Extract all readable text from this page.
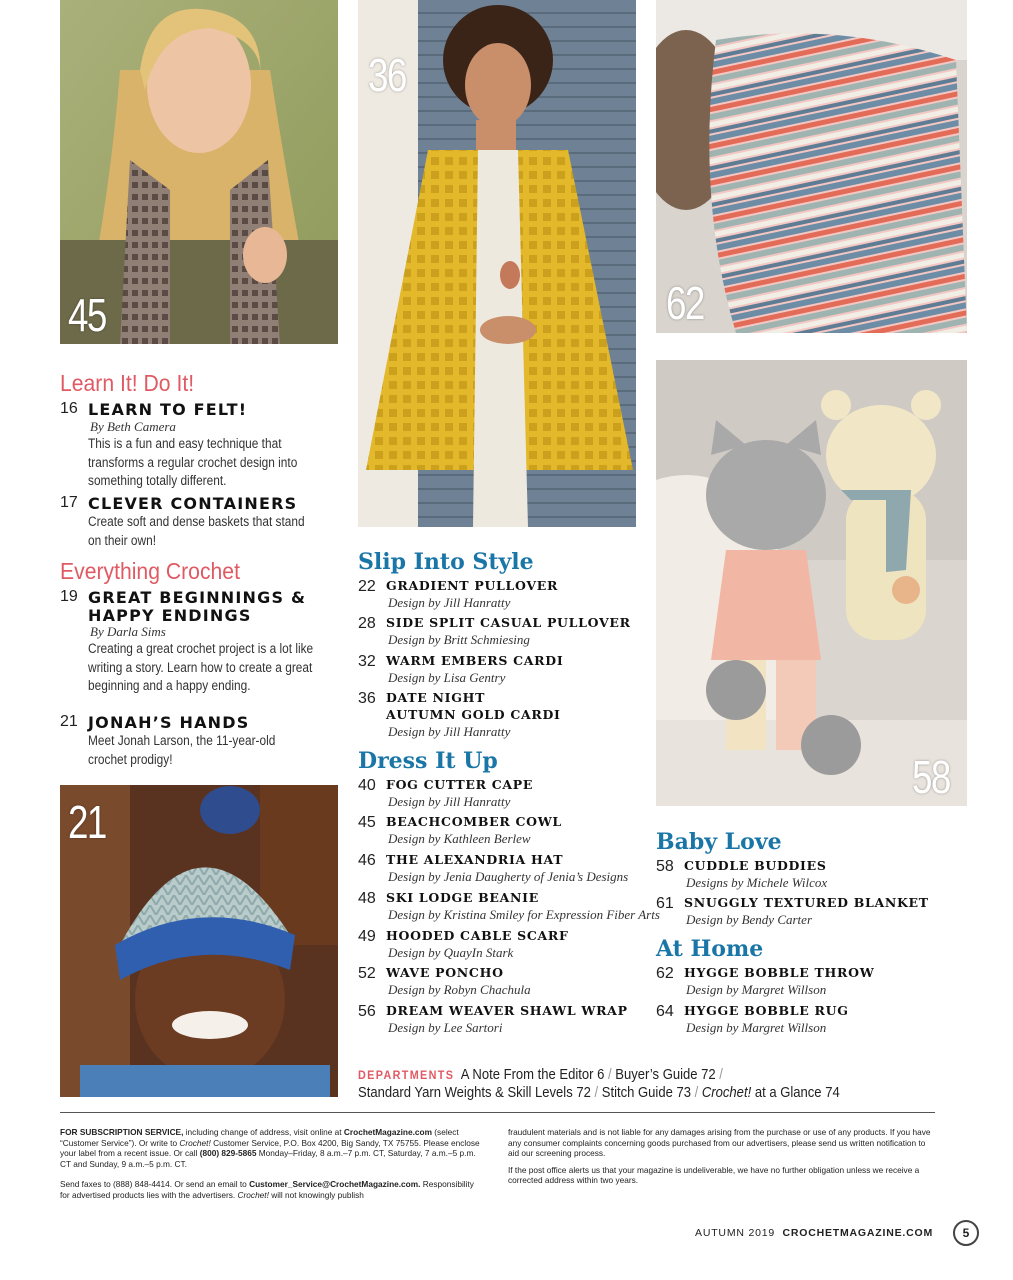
45
36
62
58
21
Learn It! Do It!
16 LEARN TO FELT!
By Beth Camera
This is a fun and easy technique that transforms a regular crochet design into something totally different.
17 CLEVER CONTAINERS
Create soft and dense baskets that stand on their own!
Everything Crochet
19 GREAT BEGINNINGS &
HAPPY ENDINGS
By Darla Sims
Creating a great crochet project is a lot like writing a story. Learn how to create a great beginning and a happy ending.
21 JONAH’S HANDS
Meet Jonah Larson, the 11-year-old crochet prodigy!
Slip Into Style
22 GRADIENT PULLOVER
Design by Jill Hanratty
28 SIDE SPLIT CASUAL PULLOVER
Design by Britt Schmiesing
32 WARM EMBERS CARDI
Design by Lisa Gentry
36 DATE NIGHT
AUTUMN GOLD CARDI
Design by Jill Hanratty
Dress It Up
40 FOG CUTTER CAPE
Design by Jill Hanratty
45 BEACHCOMBER COWL
Design by Kathleen Berlew
46 THE ALEXANDRIA HAT
Design by Jenia Daugherty of Jenia’s Designs
48 SKI LODGE BEANIE
Design by Kristina Smiley for Expression Fiber Arts
49 HOODED CABLE SCARF
Design by QuayIn Stark
52 WAVE PONCHO
Design by Robyn Chachula
56 DREAM WEAVER SHAWL WRAP
Design by Lee Sartori
Baby Love
58 CUDDLE BUDDIES
Designs by Michele Wilcox
61 SNUGGLY TEXTURED BLANKET
Design by Bendy Carter
At Home
62 HYGGE BOBBLE THROW
Design by Margret Willson
64 HYGGE BOBBLE RUG
Design by Margret Willson
DEPARTMENTS A Note From the Editor 6 / Buyer’s Guide 72 /
Standard Yarn Weights & Skill Levels 72 / Stitch Guide 73 / Crochet! at a Glance 74

FOR SUBSCRIPTION SERVICE, including change of address, visit online at CrochetMagazine.com (select “Customer Service”). Or write to Crochet! Customer Service, P.O. Box 4200, Big Sandy, TX 75755. Please enclose your label from a recent issue. Or call (800) 829-5865 Monday–Friday, 8 a.m.–7 p.m. CT, Saturday, 7 a.m.–5 p.m. CT and Sunday, 9 a.m.–5 p.m. CT.

Send faxes to (888) 848-4414. Or send an email to Customer_Service@CrochetMagazine.com. Responsibility for advertised products lies with the advertisers. Crochet! will not knowingly publish

fraudulent materials and is not liable for any damages arising from the purchase or use of any products. If you have any consumer complaints concerning goods purchased from our advertisers, please send us written notification to aid our screening process.

If the post office alerts us that your magazine is undeliverable, we have no further obligation unless we receive a corrected address within two years.

AUTUMN 2019 CROCHETMAGAZINE.COM	5
